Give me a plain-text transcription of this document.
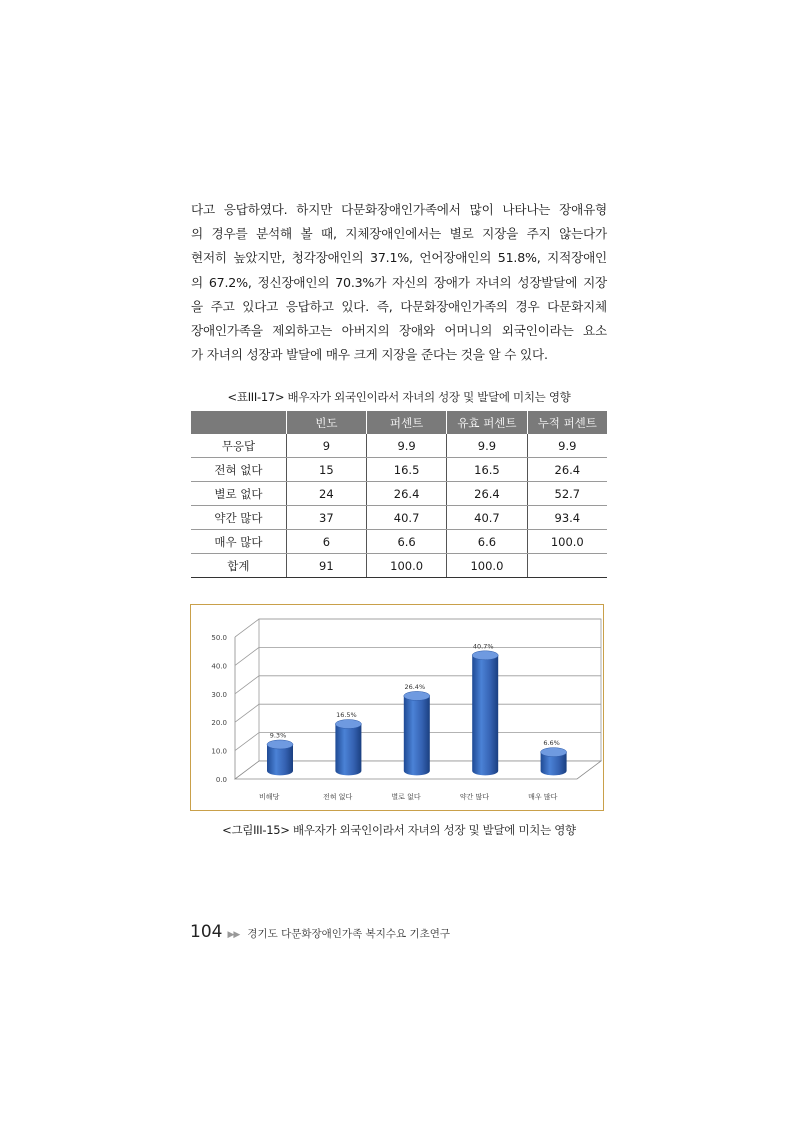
다고 응답하였다. 하지만 다문화장애인가족에서 많이 나타나는 장애유형
의 경우를 분석해 볼 때, 지체장애인에서는 별로 지장을 주지 않는다가
현저히 높았지만, 청각장애인의 37.1%, 언어장애인의 51.8%, 지적장애인
의 67.2%, 정신장애인의 70.3%가 자신의 장애가 자녀의 성장발달에 지장
을 주고 있다고 응답하고 있다. 즉, 다문화장애인가족의 경우 다문화지체
장애인가족을 제외하고는 아버지의 장애와 어머니의 외국인이라는 요소
가 자녀의 성장과 발달에 매우 크게 지장을 준다는 것을 알 수 있다.
<표III-17> 배우자가 외국인이라서 자녀의 성장 및 발달에 미치는 영향
	빈도	퍼센트	유효 퍼센트	누적 퍼센트
무응답	9	9.9	9.9	9.9
전혀 없다	15	16.5	16.5	26.4
별로 없다	24	26.4	26.4	52.7
약간 많다	37	40.7	40.7	93.4
매우 많다	6	6.6	6.6	100.0
합계	91	100.0	100.0	
0.0
10.0
20.0
30.0
40.0
50.0
9.3%
비해당
16.5%
전혀 없다
26.4%
별로 없다
40.7%
약간 많다
6.6%
매우 많다
<그림III-15> 배우자가 외국인이라서 자녀의 성장 및 발달에 미치는 영향
104 ▶▶ 경기도 다문화장애인가족 복지수요 기초연구
